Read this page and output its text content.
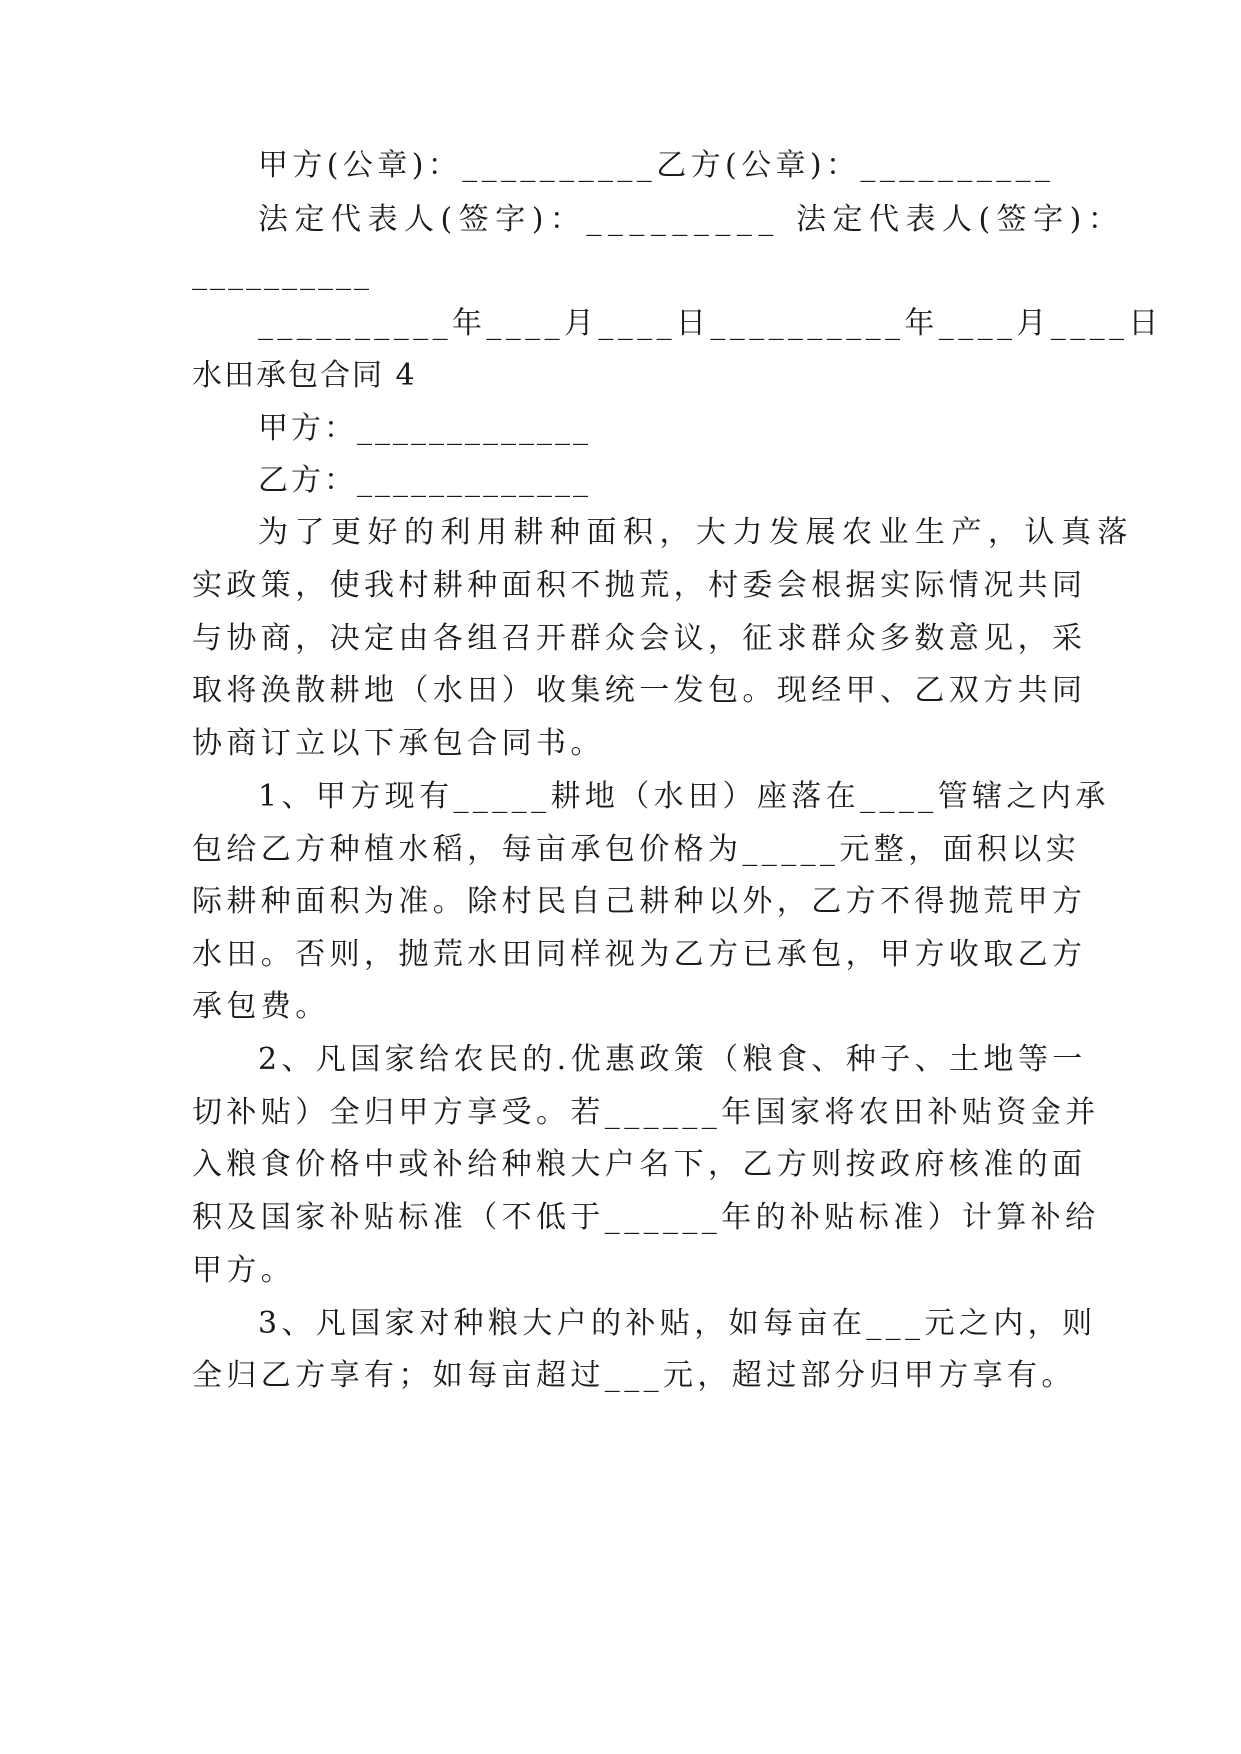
甲方(公章)：__________乙方(公章)：__________
法定代表人(签字)：_________ 法定代表人(签字)：
__________
__________年____月____日__________年____月____日
水田承包合同 4
甲方：_____________
乙方：_____________
为了更好的利用耕种面积，大力发展农业生产，认真落
实政策，使我村耕种面积不抛荒，村委会根据实际情况共同
与协商，决定由各组召开群众会议，征求群众多数意见，采
取将涣散耕地（水田）收集统一发包。现经甲、乙双方共同
协商订立以下承包合同书。
1、甲方现有_____耕地（水田）座落在____管辖之内承
包给乙方种植水稻，每亩承包价格为_____元整，面积以实
际耕种面积为准。除村民自己耕种以外，乙方不得抛荒甲方
水田。否则，抛荒水田同样视为乙方已承包，甲方收取乙方
承包费。
2、凡国家给农民的.优惠政策（粮食、种子、土地等一
切补贴）全归甲方享受。若______年国家将农田补贴资金并
入粮食价格中或补给种粮大户名下，乙方则按政府核准的面
积及国家补贴标准（不低于______年的补贴标准）计算补给
甲方。
3、凡国家对种粮大户的补贴，如每亩在___元之内，则
全归乙方享有；如每亩超过___元，超过部分归甲方享有。
